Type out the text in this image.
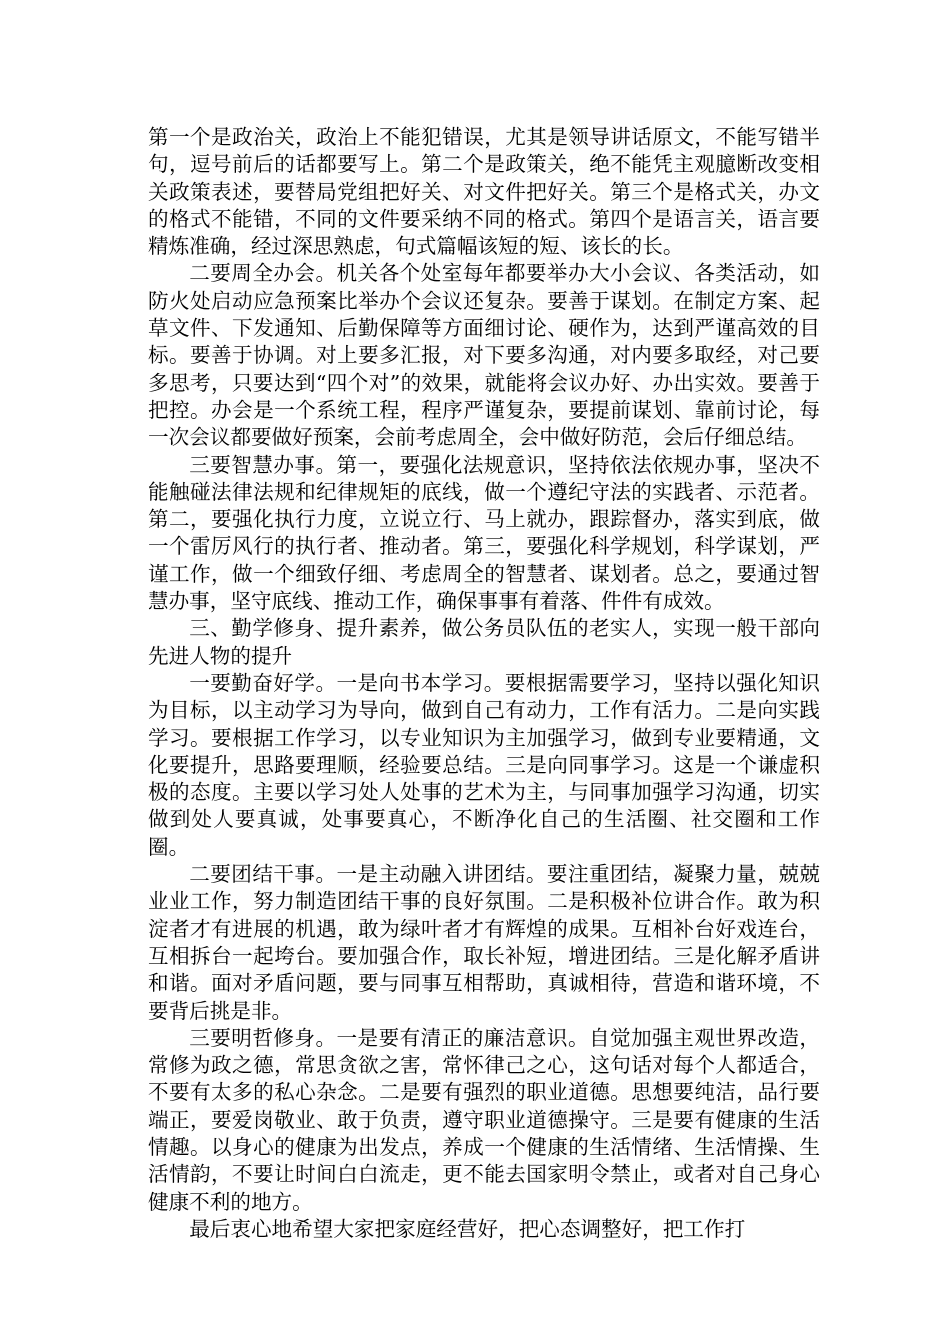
第一个是政治关，政治上不能犯错误，尤其是领导讲话原文，不能写错半句，逗号前后的话都要写上。第二个是政策关，绝不能凭主观臆断改变相关政策表述，要替局党组把好关、对文件把好关。第三个是格式关，办文的格式不能错，不同的文件要采纳不同的格式。第四个是语言关，语言要精炼准确，经过深思熟虑，句式篇幅该短的短、该长的长。

二要周全办会。机关各个处室每年都要举办大小会议、各类活动，如防火处启动应急预案比举办个会议还复杂。要善于谋划。在制定方案、起草文件、下发通知、后勤保障等方面细讨论、硬作为，达到严谨高效的目标。要善于协调。对上要多汇报，对下要多沟通，对内要多取经，对己要多思考，只要达到“四个对”的效果，就能将会议办好、办出实效。要善于把控。办会是一个系统工程，程序严谨复杂，要提前谋划、靠前讨论，每一次会议都要做好预案，会前考虑周全，会中做好防范，会后仔细总结。

三要智慧办事。第一，要强化法规意识，坚持依法依规办事，坚决不能触碰法律法规和纪律规矩的底线，做一个遵纪守法的实践者、示范者。第二，要强化执行力度，立说立行、马上就办，跟踪督办，落实到底，做一个雷厉风行的执行者、推动者。第三，要强化科学规划，科学谋划，严谨工作，做一个细致仔细、考虑周全的智慧者、谋划者。总之，要通过智慧办事，坚守底线、推动工作，确保事事有着落、件件有成效。

三、勤学修身、提升素养，做公务员队伍的老实人，实现一般干部向先进人物的提升

一要勤奋好学。一是向书本学习。要根据需要学习，坚持以强化知识为目标，以主动学习为导向，做到自己有动力，工作有活力。二是向实践学习。要根据工作学习，以专业知识为主加强学习，做到专业要精通，文化要提升，思路要理顺，经验要总结。三是向同事学习。这是一个谦虚积极的态度。主要以学习处人处事的艺术为主，与同事加强学习沟通，切实做到处人要真诚，处事要真心，不断净化自己的生活圈、社交圈和工作圈。

二要团结干事。一是主动融入讲团结。要注重团结，凝聚力量，兢兢业业工作，努力制造团结干事的良好氛围。二是积极补位讲合作。敢为积淀者才有进展的机遇，敢为绿叶者才有辉煌的成果。互相补台好戏连台，互相拆台一起垮台。要加强合作，取长补短，增进团结。三是化解矛盾讲和谐。面对矛盾问题，要与同事互相帮助，真诚相待，营造和谐环境，不要背后挑是非。

三要明哲修身。一是要有清正的廉洁意识。自觉加强主观世界改造，常修为政之德，常思贪欲之害，常怀律己之心，这句话对每个人都适合，不要有太多的私心杂念。二是要有强烈的职业道德。思想要纯洁，品行要端正，要爱岗敬业、敢于负责，遵守职业道德操守。三是要有健康的生活情趣。以身心的健康为出发点，养成一个健康的生活情绪、生活情操、生活情韵，不要让时间白白流走，更不能去国家明令禁止，或者对自己身心健康不利的地方。

最后衷心地希望大家把家庭经营好，把心态调整好，把工作打
